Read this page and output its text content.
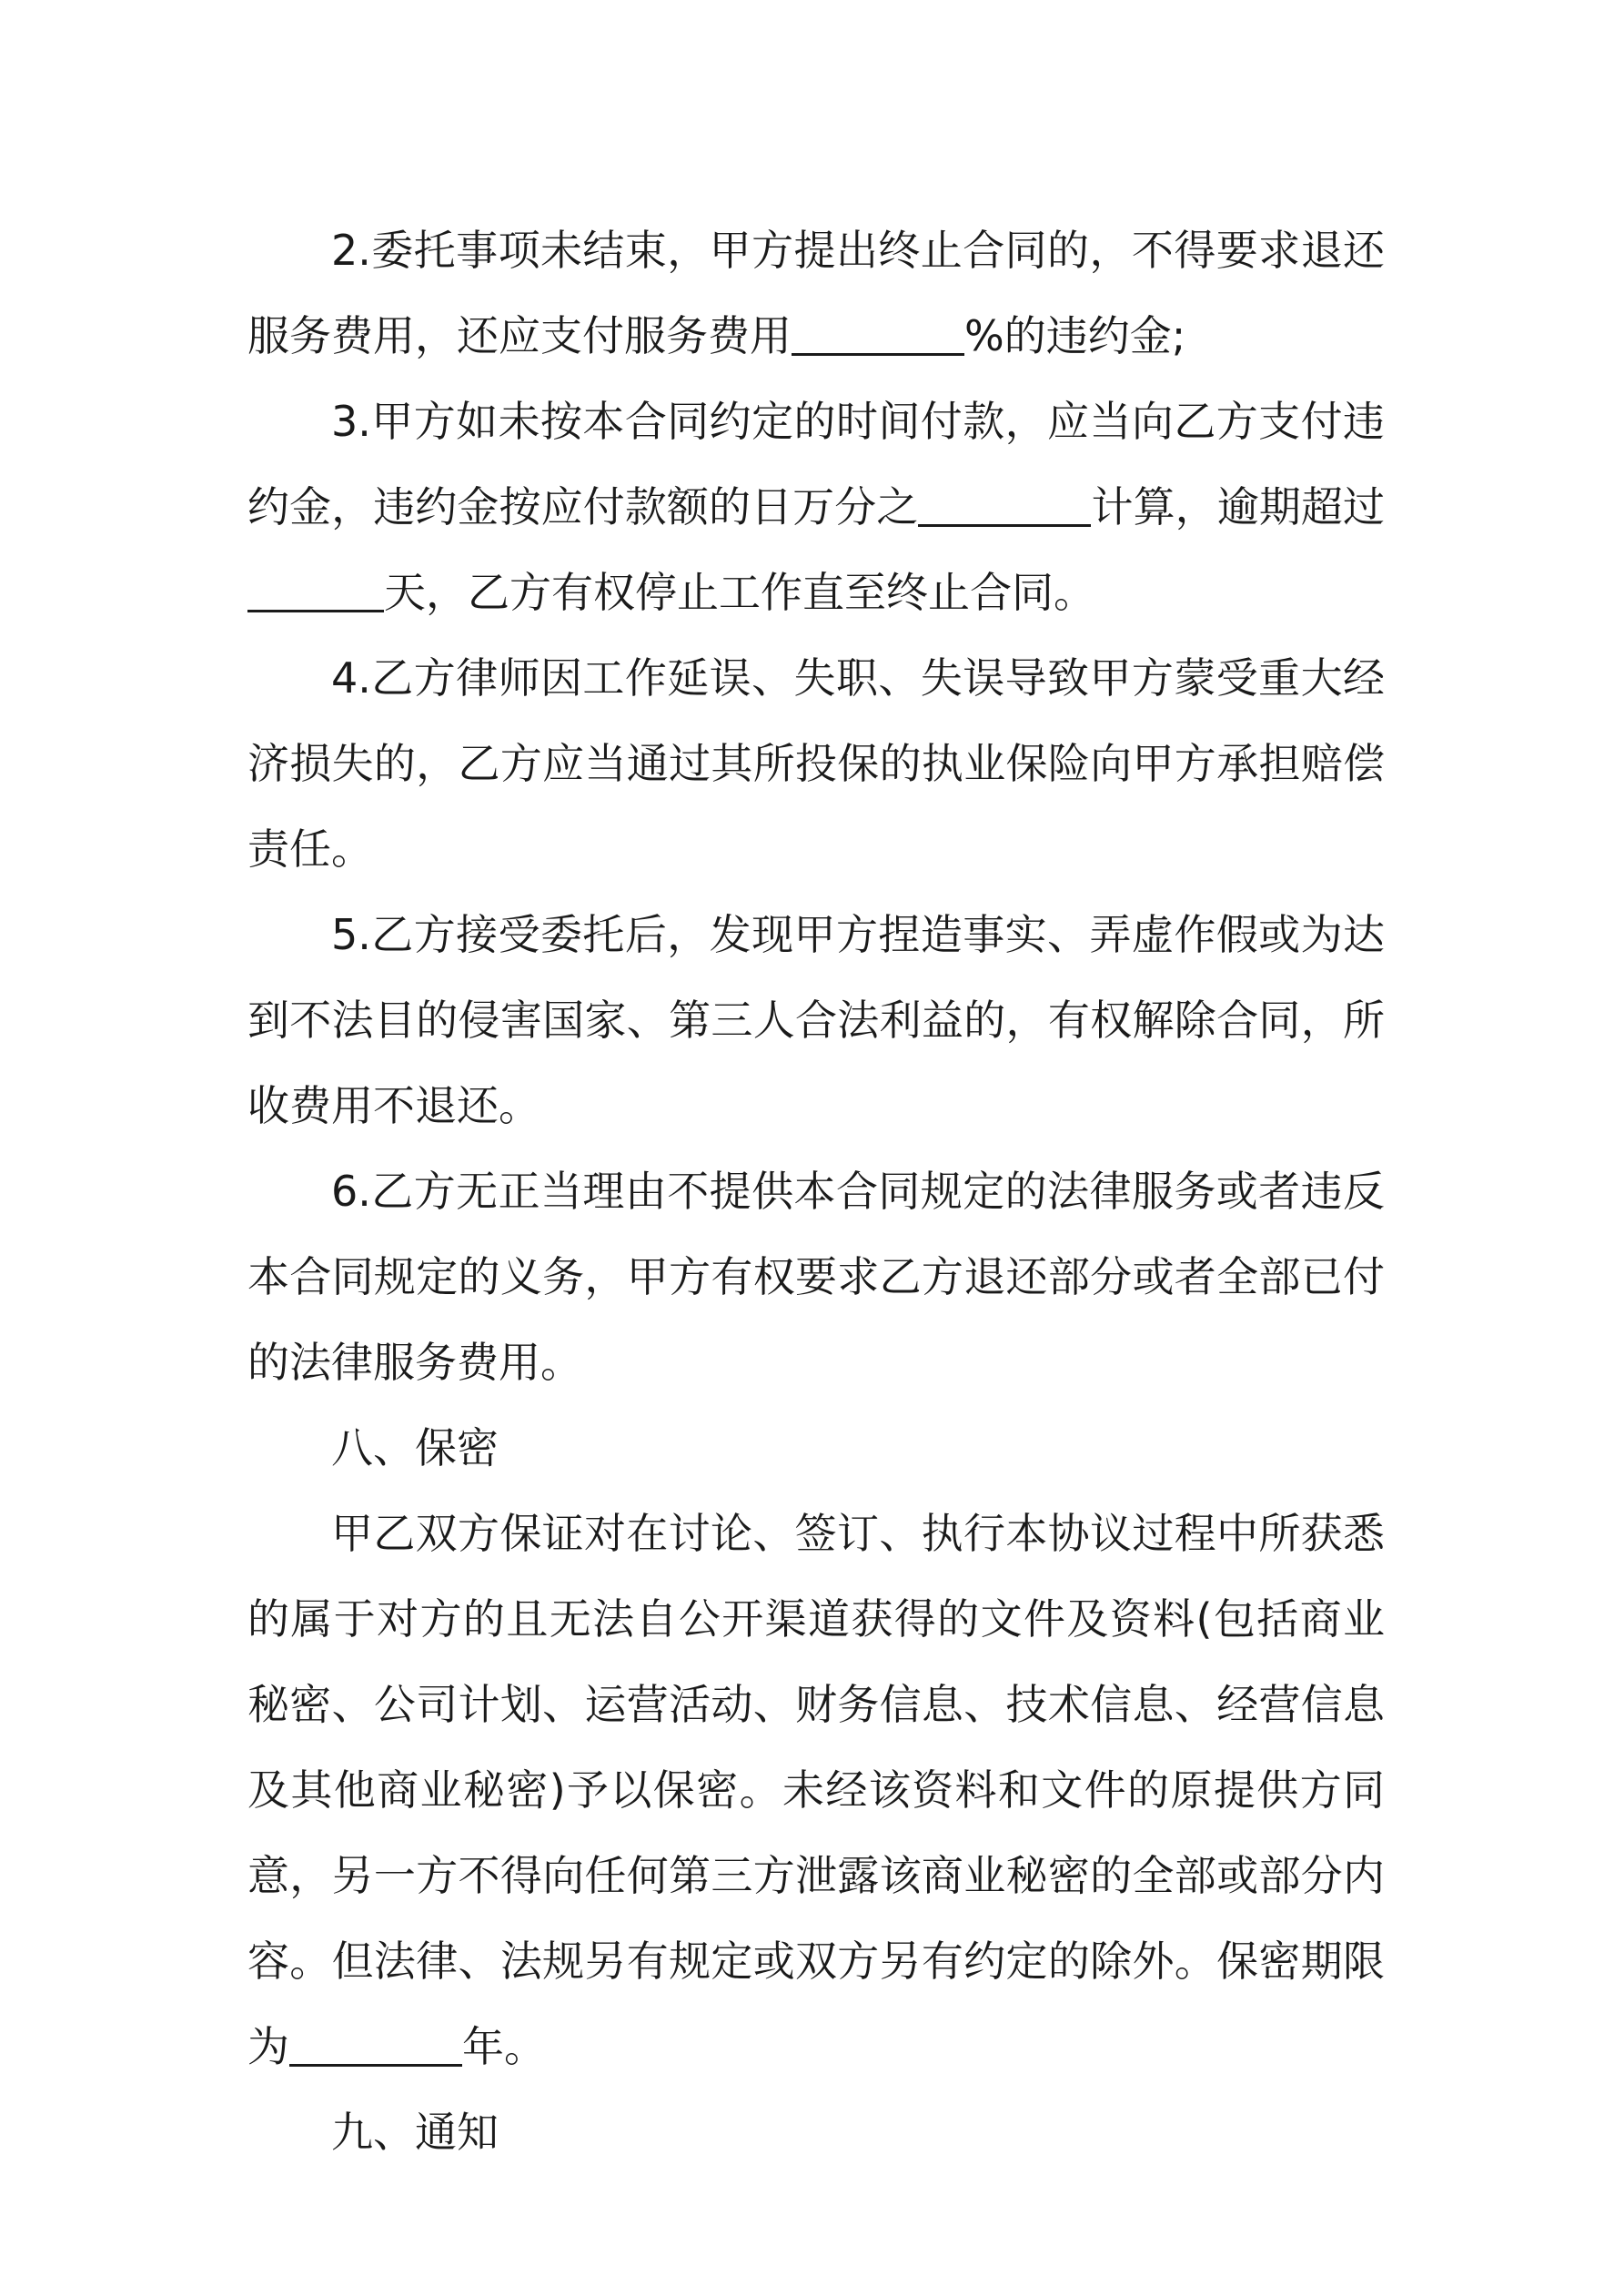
2.委托事项未结束，甲方提出终止合同的，不得要求退还服务费用，还应支付服务费用	%的违约金;

3.甲方如未按本合同约定的时间付款，应当向乙方支付违约金，违约金按应付款额的日万分之	计算，逾期超过天，乙方有权停止工作直至终止合同。

4.乙方律师因工作延误、失职、失误导致甲方蒙受重大经济损失的，乙方应当通过其所投保的执业保险向甲方承担赔偿责任。

5.乙方接受委托后，发现甲方捏造事实、弄虚作假或为达到不法目的侵害国家、第三人合法利益的，有权解除合同，所收费用不退还。

6.乙方无正当理由不提供本合同规定的法律服务或者违反本合同规定的义务，甲方有权要求乙方退还部分或者全部已付的法律服务费用。

八、保密

甲乙双方保证对在讨论、签订、执行本协议过程中所获悉的属于对方的且无法自公开渠道获得的文件及资料(包括商业秘密、公司计划、运营活动、财务信息、技术信息、经营信息及其他商业秘密)予以保密。未经该资料和文件的原提供方同意，另一方不得向任何第三方泄露该商业秘密的全部或部分内容。但法律、法规另有规定或双方另有约定的除外。保密期限为	年。

九、通知
